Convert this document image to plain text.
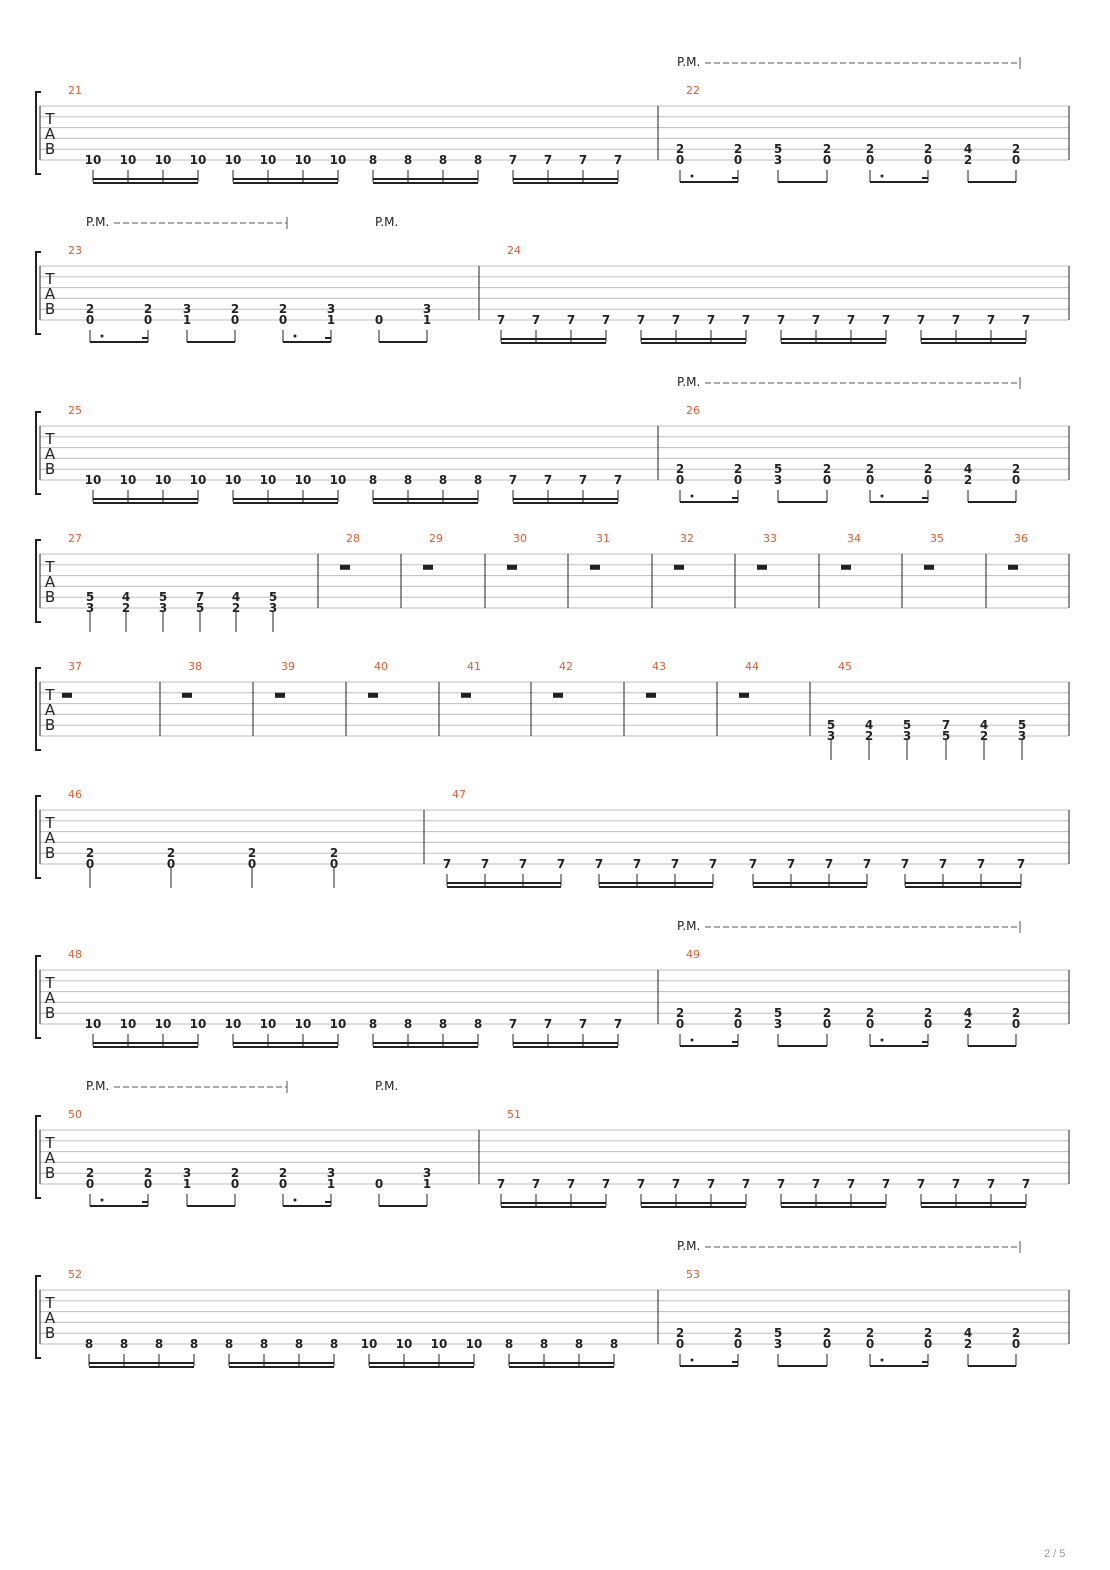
T
A
B
P.M.
21
10 10 10 10 10 10 10 10 8 8 8 8 7 7 7 7
22
2
0
2
0
5
3
2
0
2
0
2
0
4
2
2
0
T
A
B
P.M.	P.M.
23
2
0
2
0
3
1
2
0
2
0
3
1	0
3
1
24
7 7 7 7 7 7 7 7 7 7 7 7 7 7 7 7
T
A
B
P.M.
25
10 10 10 10 10 10 10 10 8 8 8 8 7 7 7 7
26
2
0
2
0
5
3
2
0
2
0
2
0
4
2
2
0
T
A
B
27
5
3
4
2
5
3
7
5
4
2
5
3
28	29	30	31	32	33	34	35	36
T
A
B
37	38	39	40	41	42	43	44	45
5
3
4
2
5
3
7
5
4
2
5
3
T
A
B
46
2
0
2
0
2
0
2
0
47
7 7 7 7 7 7 7 7	7 7 7 7 7 7 7	7
T
A
B
P.M.
48
10 10 10 10 10 10 10 10 8 8 8 8 7 7 7 7
49
2
0
2
0
5
3
2
0
2
0
2
0
4
2
2
0
T
A
B
P.M.	P.M.
50
2
0
2
0
3
1
2
0
2
0
3
1	0
3
1
51
7 7 7 7 7 7 7 7 7 7 7 7 7 7 7 7
T
A
B
P.M.
52
8 8 8 8 8 8 8 8 10 10 10 10 8 8 8 8
53
2
0
2
0
5
3
2
0
2
0
2
0
4
2
2
0
2 / 5
